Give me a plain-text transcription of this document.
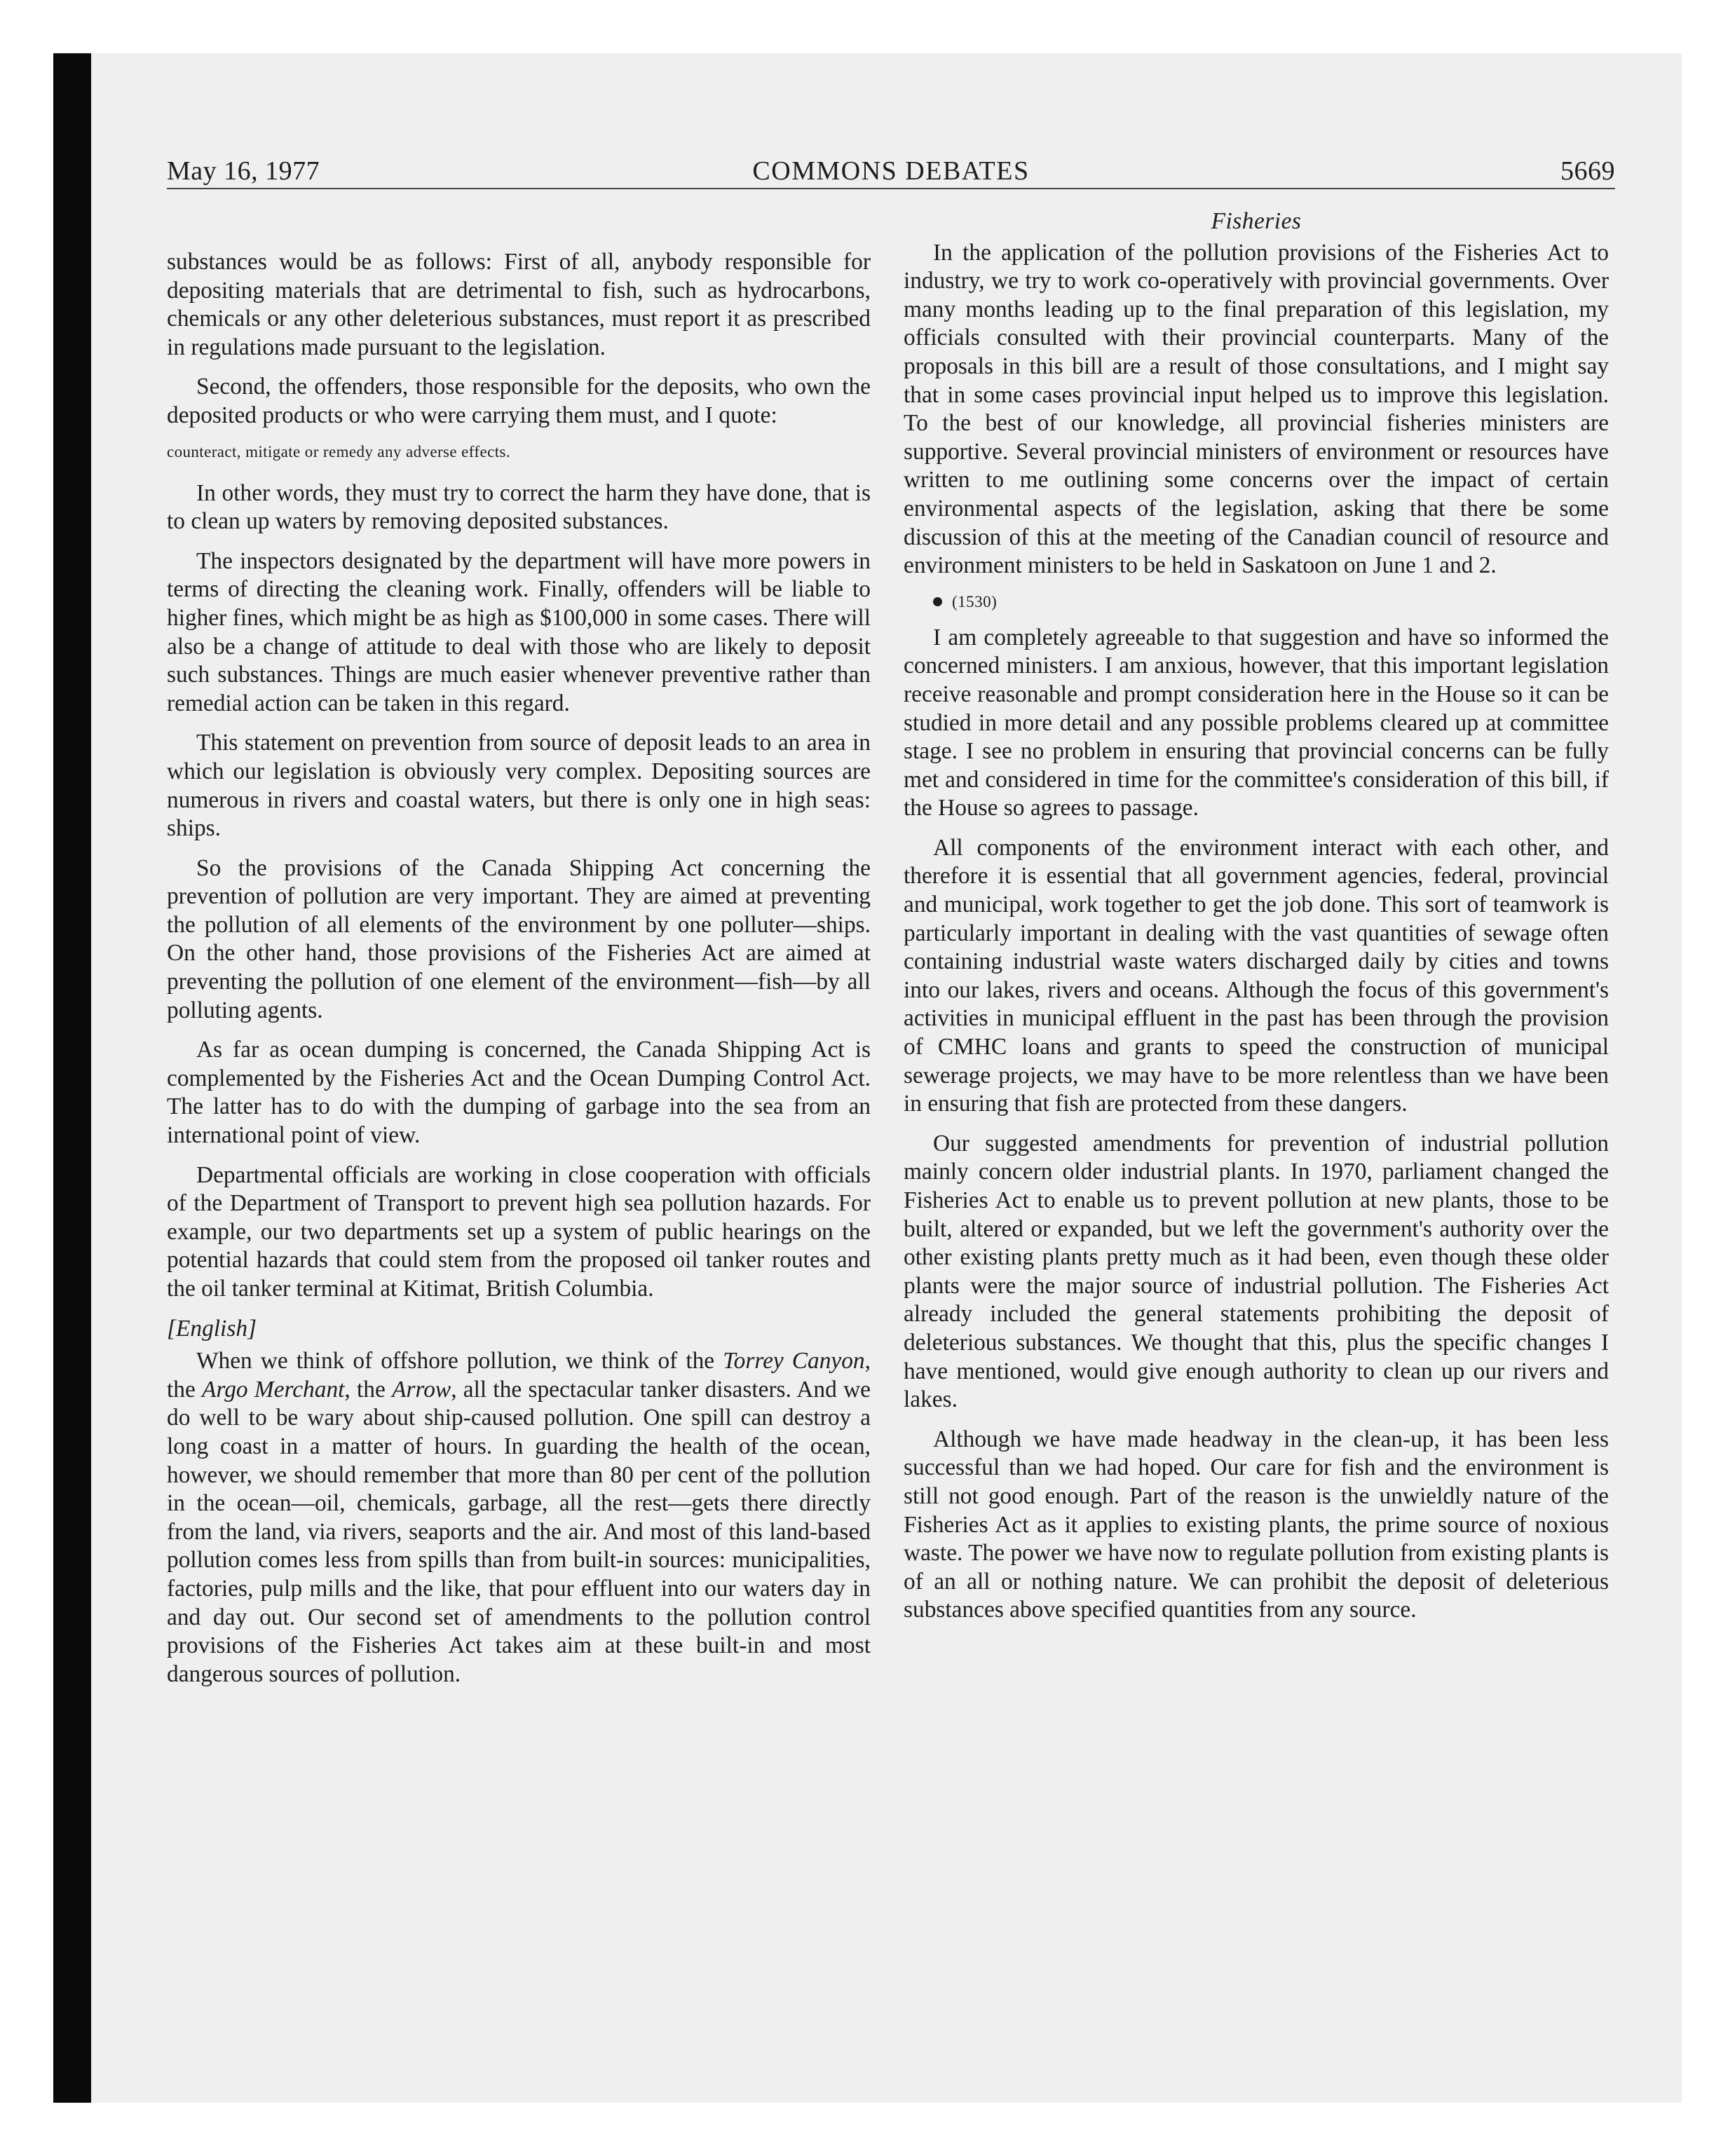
May 16, 1977	COMMONS DEBATES	5669

substances would be as follows: First of all, anybody responsible for depositing materials that are detrimental to fish, such as hydrocarbons, chemicals or any other deleterious substances, must report it as prescribed in regulations made pursuant to the legislation.

Second, the offenders, those responsible for the deposits, who own the deposited products or who were carrying them must, and I quote:

counteract, mitigate or remedy any adverse effects.

In other words, they must try to correct the harm they have done, that is to clean up waters by removing deposited substances.

The inspectors designated by the department will have more powers in terms of directing the cleaning work. Finally, offenders will be liable to higher fines, which might be as high as $100,000 in some cases. There will also be a change of attitude to deal with those who are likely to deposit such substances. Things are much easier whenever preventive rather than remedial action can be taken in this regard.

This statement on prevention from source of deposit leads to an area in which our legislation is obviously very complex. Depositing sources are numerous in rivers and coastal waters, but there is only one in high seas: ships.

So the provisions of the Canada Shipping Act concerning the prevention of pollution are very important. They are aimed at preventing the pollution of all elements of the environment by one polluter—ships. On the other hand, those provisions of the Fisheries Act are aimed at preventing the pollution of one element of the environment—fish—by all polluting agents.

As far as ocean dumping is concerned, the Canada Shipping Act is complemented by the Fisheries Act and the Ocean Dumping Control Act. The latter has to do with the dumping of garbage into the sea from an international point of view.

Departmental officials are working in close cooperation with officials of the Department of Transport to prevent high sea pollution hazards. For example, our two departments set up a system of public hearings on the potential hazards that could stem from the proposed oil tanker routes and the oil tanker terminal at Kitimat, British Columbia.

[English]

When we think of offshore pollution, we think of the Torrey Canyon, the Argo Merchant, the Arrow, all the spectacular tanker disasters. And we do well to be wary about ship-caused pollution. One spill can destroy a long coast in a matter of hours. In guarding the health of the ocean, however, we should remember that more than 80 per cent of the pollution in the ocean—oil, chemicals, garbage, all the rest—gets there directly from the land, via rivers, seaports and the air. And most of this land-based pollution comes less from spills than from built-in sources: municipalities, factories, pulp mills and the like, that pour effluent into our waters day in and day out. Our second set of amendments to the pollution control provisions of the Fisheries Act takes aim at these built-in and most dangerous sources of pollution.

Fisheries

In the application of the pollution provisions of the Fisheries Act to industry, we try to work co-operatively with provincial governments. Over many months leading up to the final preparation of this legislation, my officials consulted with their provincial counterparts. Many of the proposals in this bill are a result of those consultations, and I might say that in some cases provincial input helped us to improve this legislation. To the best of our knowledge, all provincial fisheries ministers are supportive. Several provincial ministers of environment or resources have written to me outlining some concerns over the impact of certain environmental aspects of the legislation, asking that there be some discussion of this at the meeting of the Canadian council of resource and environment ministers to be held in Saskatoon on June 1 and 2.

(1530)

I am completely agreeable to that suggestion and have so informed the concerned ministers. I am anxious, however, that this important legislation receive reasonable and prompt consideration here in the House so it can be studied in more detail and any possible problems cleared up at committee stage. I see no problem in ensuring that provincial concerns can be fully met and considered in time for the committee's consideration of this bill, if the House so agrees to passage.

All components of the environment interact with each other, and therefore it is essential that all government agencies, federal, provincial and municipal, work together to get the job done. This sort of teamwork is particularly important in dealing with the vast quantities of sewage often containing industrial waste waters discharged daily by cities and towns into our lakes, rivers and oceans. Although the focus of this government's activities in municipal effluent in the past has been through the provision of CMHC loans and grants to speed the construction of municipal sewerage projects, we may have to be more relentless than we have been in ensuring that fish are protected from these dangers.

Our suggested amendments for prevention of industrial pollution mainly concern older industrial plants. In 1970, parliament changed the Fisheries Act to enable us to prevent pollution at new plants, those to be built, altered or expanded, but we left the government's authority over the other existing plants pretty much as it had been, even though these older plants were the major source of industrial pollution. The Fisheries Act already included the general statements prohibiting the deposit of deleterious substances. We thought that this, plus the specific changes I have mentioned, would give enough authority to clean up our rivers and lakes.

Although we have made headway in the clean-up, it has been less successful than we had hoped. Our care for fish and the environment is still not good enough. Part of the reason is the unwieldly nature of the Fisheries Act as it applies to existing plants, the prime source of noxious waste. The power we have now to regulate pollution from existing plants is of an all or nothing nature. We can prohibit the deposit of deleterious substances above specified quantities from any source.
